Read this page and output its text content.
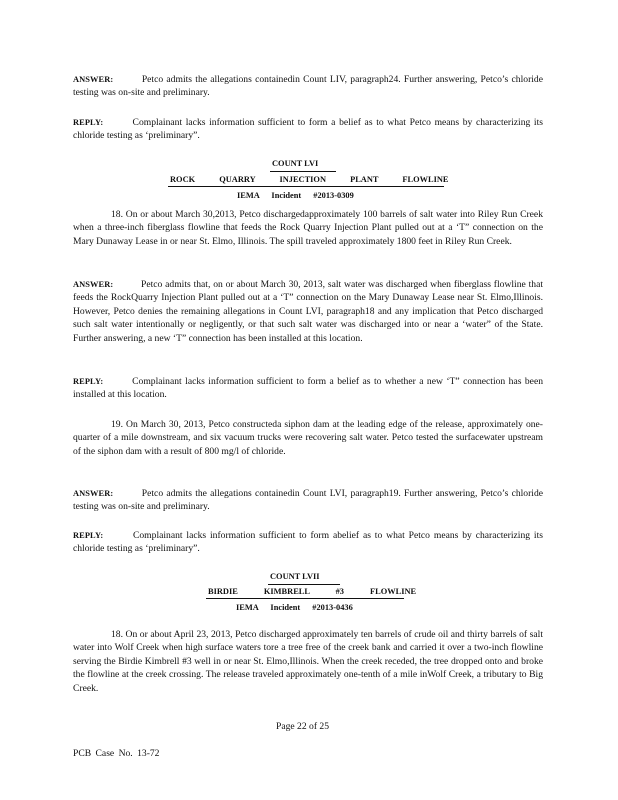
ANSWER:	Petco admits the allegations containedin Count LIV, paragraph24. Further answering, Petco’s chloride testing was on-site and preliminary.
REPLY:	Complainant lacks information sufficient to form a belief as to what Petco means by characterizing its chloride testing as ‘preliminary”.
COUNT LVI
ROCK QUARRY INJECTION PLANT FLOWLINE
IEMA Incident #2013-0309
18. On or about March 30,2013, Petco dischargedapproximately 100 barrels of salt water into Riley Run Creek when a three-inch fiberglass flowline that feeds the Rock Quarry Injection Plant pulled out at a ‘T” connection on the Mary Dunaway Lease in or near St. Elmo, Illinois. The spill traveled approximately 1800 feet in Riley Run Creek.
ANSWER:	Petco admits that, on or about March 30, 2013, salt water was discharged when fiberglass flowline that feeds the RockQuarry Injection Plant pulled out at a ‘T” connection on the Mary Dunaway Lease near St. Elmo,Illinois. However, Petco denies the remaining allegations in Count LVI, paragraph18 and any implication that Petco discharged such salt water intentionally or negligently, or that such salt water was discharged into or near a ‘water” of the State. Further answering, a new ‘T” connection has been installed at this location.
REPLY:	Complainant lacks information sufficient to form a belief as to whether a new ‘T” connection has been installed at this location.
19. On March 30, 2013, Petco constructeda siphon dam at the leading edge of the release, approximately one-quarter of a mile downstream, and six vacuum trucks were recovering salt water. Petco tested the surfacewater upstream of the siphon dam with a result of 800 mg/l of chloride.
ANSWER:	Petco admits the allegations containedin Count LVI, paragraph19. Further answering, Petco’s chloride testing was on-site and preliminary.
REPLY:	Complainant lacks information sufficient to form abelief as to what Petco means by characterizing its chloride testing as ‘preliminary”.
COUNT LVII
BIRDIE KIMBRELL #3 FLOWLINE
IEMA Incident #2013-0436
18. On or about April 23, 2013, Petco discharged approximately ten barrels of crude oil and thirty barrels of salt water into Wolf Creek when high surface waters tore a tree free of the creek bank and carried it over a two-inch flowline serving the Birdie Kimbrell #3 well in or near St. Elmo,Illinois. When the creek receded, the tree dropped onto and broke the flowline at the creek crossing. The release traveled approximately one-tenth of a mile inWolf Creek, a tributary to Big Creek.
Page 22 of 25
PCB Case No. 13-72
